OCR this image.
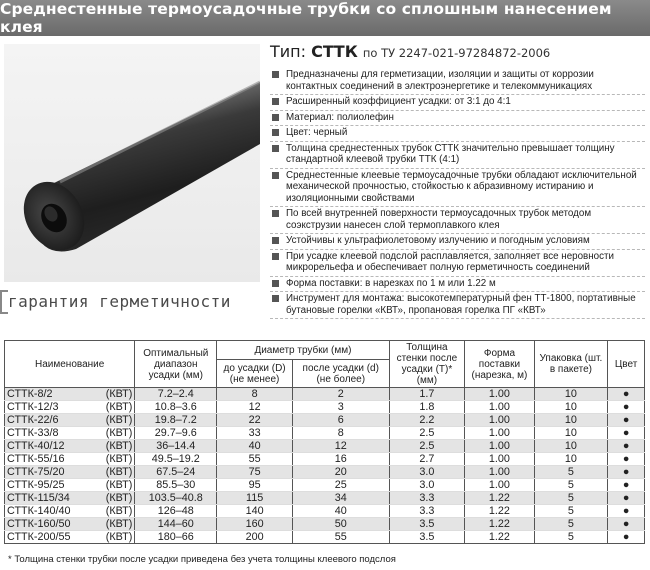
Среднестенные термоусадочные трубки со сплошным нанесением клея
гарантия герметичности
Тип: СТТК по ТУ 2247-021-97284872-2006
Предназначены для герметизации, изоляции и защиты от коррозии контактных соединений в электроэнергетике и телекоммуникациях
Расширенный коэффициент усадки: от 3:1 до 4:1
Материал: полиолефин
Цвет: черный
Толщина среднестенных трубок СТТК значительно превышает толщину стандартной клеевой трубки ТТК (4:1)
Среднестенные клеевые термоусадочные трубки обладают исключительной механической прочностью, стойкостью к абразивному истиранию и изоляционными свойствами
По всей внутренней поверхности термоусадочных трубок методом соэкструзии нанесен слой термоплавкого клея
Устойчивы к ультрафиолетовому излучению и погодным условиям
При усадке клеевой подслой расплавляется, заполняет все неровности микрорельефа и обеспечивает полную герметичность соединений
Форма поставки: в нарезках по 1 м или 1.22 м
Инструмент для монтажа: высокотемпературный фен ТТ-1800, портативные бутановые горелки «КВТ», пропановая горелка ПГ «КВТ»
Наименование	Оптимальный диапазон усадки (мм)	Диаметр трубки (мм)		Толщина стенки после усадки (T)* (мм)	Форма поставки (нарезка, м)	Упаковка (шт. в пакете)	Цвет
		до усадки (D) (не менее)	после усадки (d) (не более)				
СТТК-8/2 (КВТ)	7.2–2.4	8	2	1.7	1.00	10	●
СТТК-12/3 (КВТ)	10.8–3.6	12	3	1.8	1.00	10	●
СТТК-22/6 (КВТ)	19.8–7.2	22	6	2.2	1.00	10	●
СТТК-33/8 (КВТ)	29.7–9.6	33	8	2.5	1.00	10	●
СТТК-40/12 (КВТ)	36–14.4	40	12	2.5	1.00	10	●
СТТК-55/16 (КВТ)	49.5–19.2	55	16	2.7	1.00	10	●
СТТК-75/20 (КВТ)	67.5–24	75	20	3.0	1.00	5	●
СТТК-95/25 (КВТ)	85.5–30	95	25	3.0	1.00	5	●
СТТК-115/34 (КВТ)	103.5–40.8	115	34	3.3	1.22	5	●
СТТК-140/40 (КВТ)	126–48	140	40	3.3	1.22	5	●
СТТК-160/50 (КВТ)	144–60	160	50	3.5	1.22	5	●
СТТК-200/55 (КВТ)	180–66	200	55	3.5	1.22	5	●
* Толщина стенки трубки после усадки приведена без учета толщины клеевого подслоя
